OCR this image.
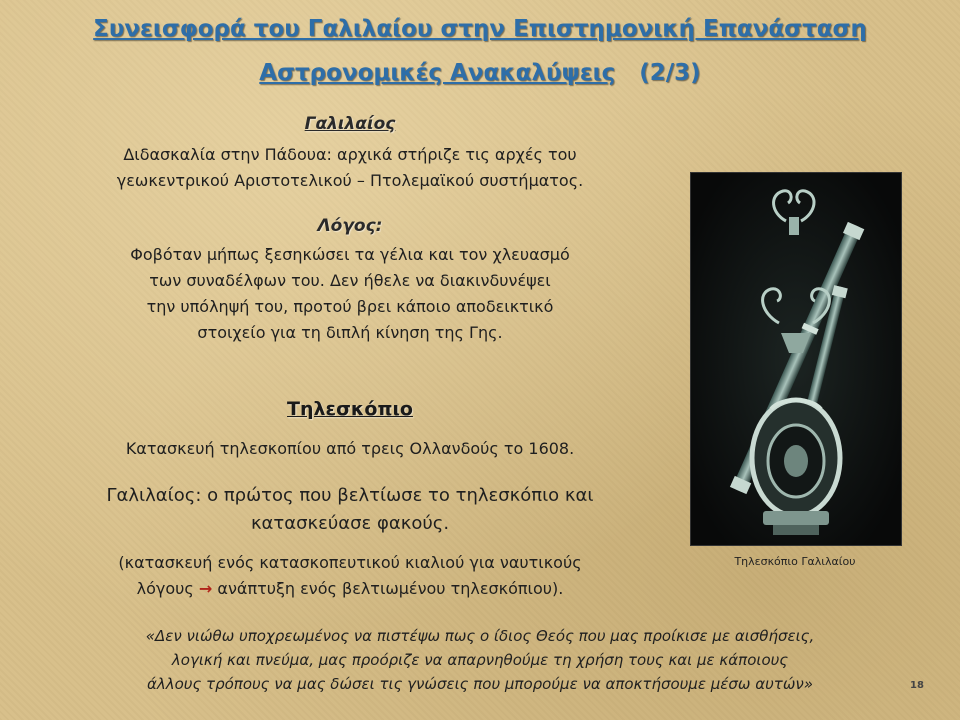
Συνεισφορά του Γαλιλαίου στην Επιστημονική Επανάσταση
Αστρονομικές Ανακαλύψεις (2/3)
Γαλιλαίος
Διδασκαλία στην Πάδουα: αρχικά στήριζε τις αρχές του
γεωκεντρικού Αριστοτελικού – Πτολεμαϊκού συστήματος.
Λόγος:
Φοβόταν μήπως ξεσηκώσει τα γέλια και τον χλευασμό
των συναδέλφων του. Δεν ήθελε να διακινδυνέψει
την υπόληψή του, προτού βρει κάποιο αποδεικτικό
στοιχείο για τη διπλή κίνηση της Γης.
Τηλεσκόπιο
Κατασκευή τηλεσκοπίου από τρεις Ολλανδούς το 1608.
Γαλιλαίος: ο πρώτος που βελτίωσε το τηλεσκόπιο και
κατασκεύασε φακούς.
(κατασκευή ενός κατασκοπευτικού κιαλιού για ναυτικούς
λόγους → ανάπτυξη ενός βελτιωμένου τηλεσκόπιου).
Τηλεσκόπιο Γαλιλαίου
«Δεν νιώθω υποχρεωμένος να πιστέψω πως ο ίδιος Θεός που μας προίκισε με αισθήσεις,
λογική και πνεύμα, μας προόριζε να απαρνηθούμε τη χρήση τους και με κάποιους
άλλους τρόπους να μας δώσει τις γνώσεις που μπορούμε να αποκτήσουμε μέσω αυτών»	18
